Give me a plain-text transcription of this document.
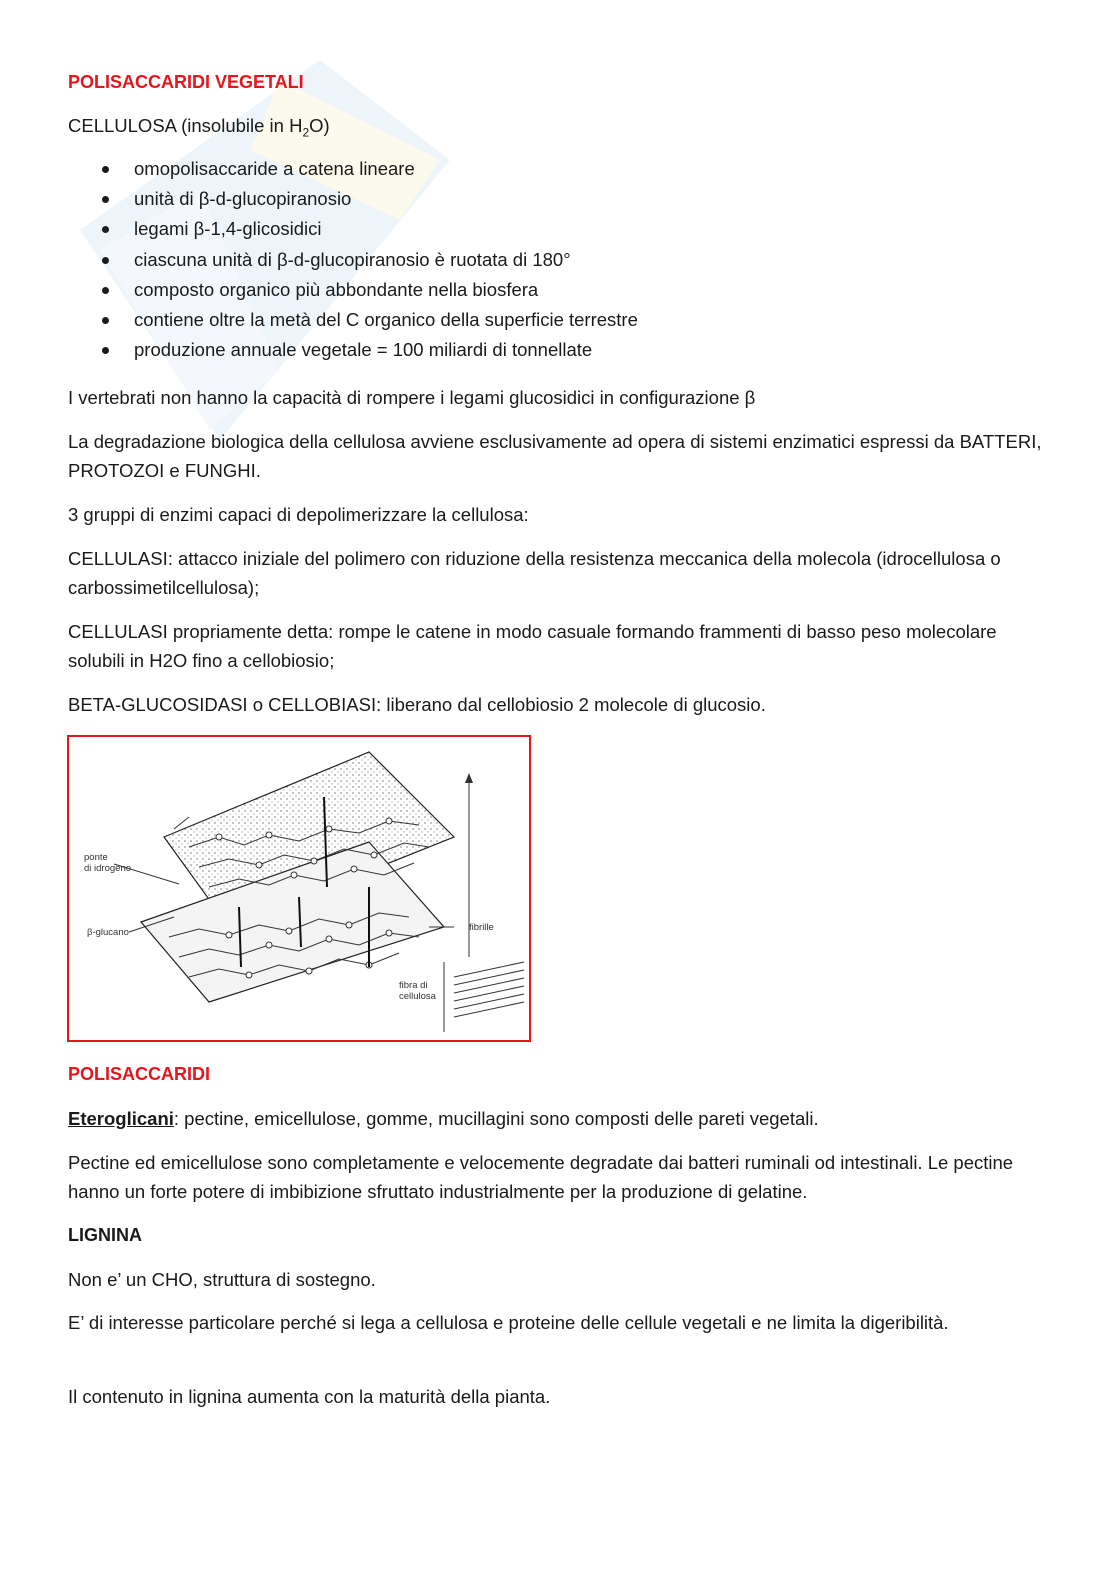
POLISACCARIDI VEGETALI
CELLULOSA (insolubile in $H_2O$)
omopolisaccaride a catena lineare
unità di β-d-glucopiranosio
legami β-1,4-glicosidici
ciascuna unità di β-d-glucopiranosio è ruotata di 180°
composto organico più abbondante nella biosfera
contiene oltre la metà del C organico della superficie terrestre
produzione annuale vegetale = 100 miliardi di tonnellate
I vertebrati non hanno la capacità di rompere i legami glucosidici in configurazione β
La degradazione biologica della cellulosa avviene esclusivamente ad opera di sistemi enzimatici espressi da BATTERI, PROTOZOI e FUNGHI.
3 gruppi di enzimi capaci di depolimerizzare la cellulosa:
CELLULASI: attacco iniziale del polimero con riduzione della resistenza meccanica della molecola (idrocellulosa o carbossimetilcellulosa);
CELLULASI propriamente detta: rompe le catene in modo casuale formando frammenti di basso peso molecolare solubili in H2O fino a cellobiosio;
BETA-GLUCOSIDASI o CELLOBIASI: liberano dal cellobiosio 2 molecole di glucosio.
POLISACCARIDI
Eteroglicani: pectine, emicellulose, gomme, mucillagini sono composti delle pareti vegetali.
Pectine ed emicellulose sono completamente e velocemente degradate dai batteri ruminali od intestinali. Le pectine hanno un forte potere di imbibizione sfruttato industrialmente per la produzione di gelatine.
LIGNINA
Non e’ un CHO, struttura di sostegno.
E’ di interesse particolare perché si lega a cellulosa e proteine delle cellule vegetali e ne limita la digeribilità.
Il contenuto in lignina aumenta con la maturità della pianta.
ponte
di idrogeno
β-glucano	fibrille
fibra di
cellulosa
